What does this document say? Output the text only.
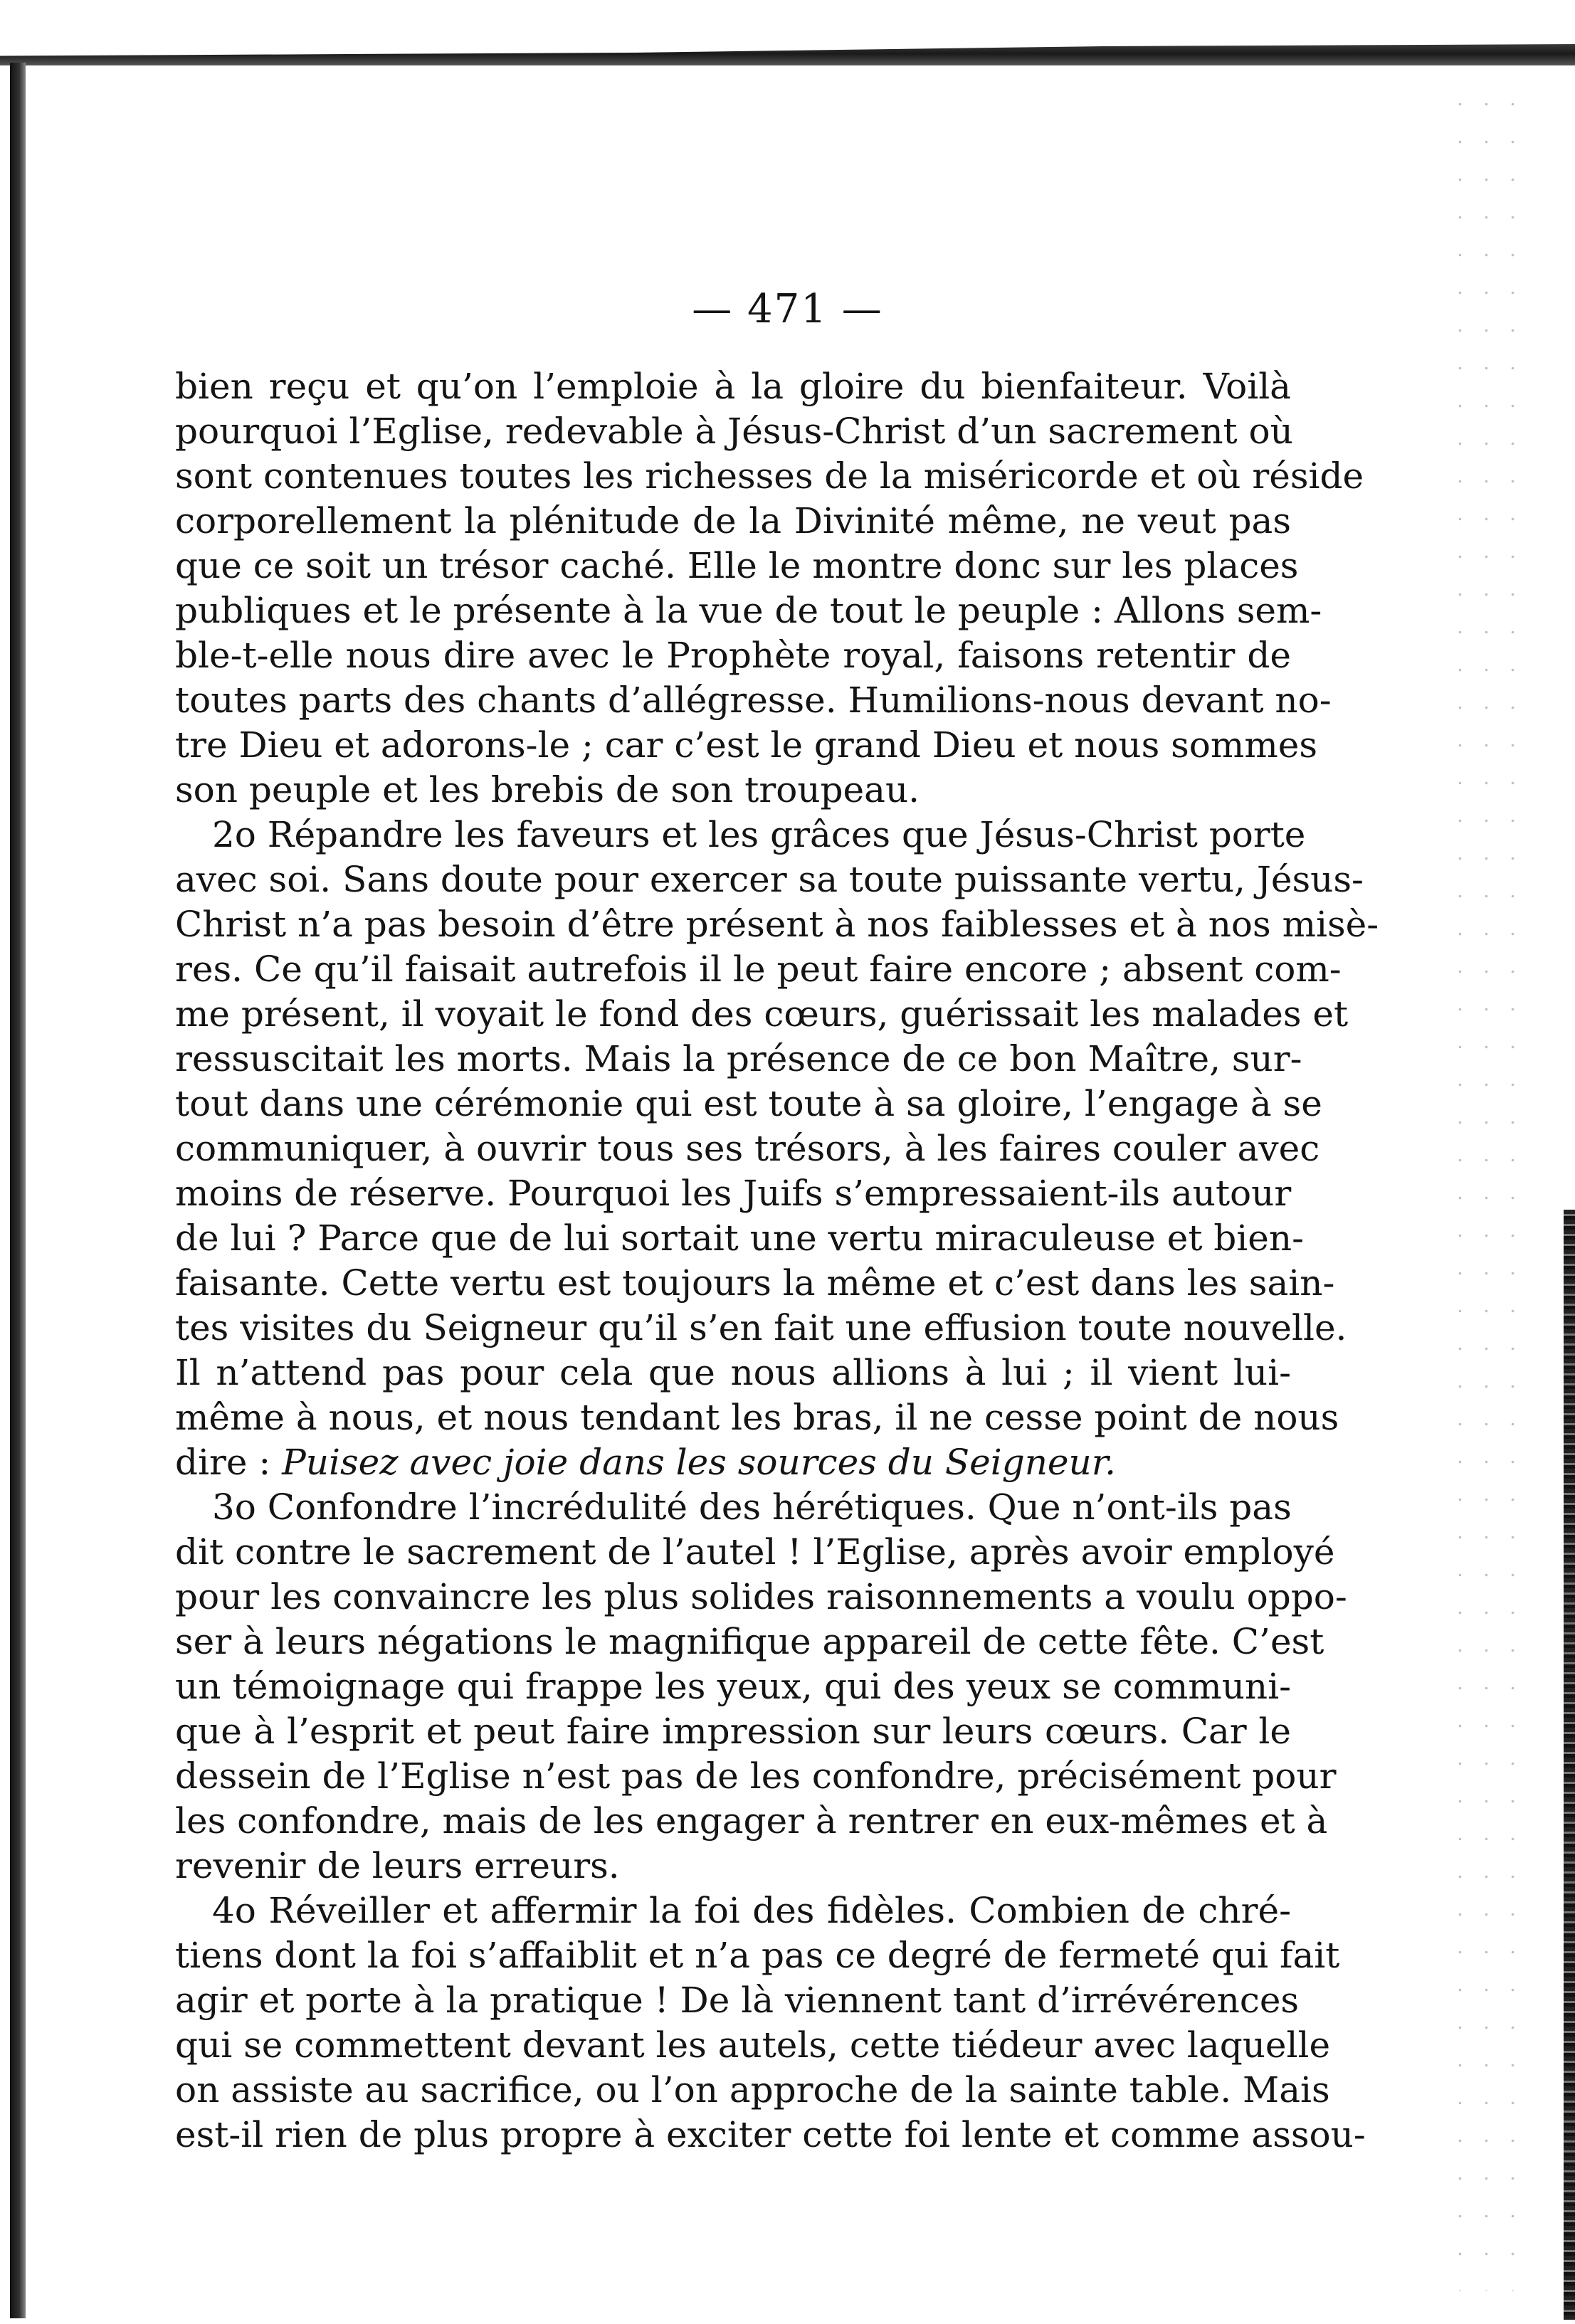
— 471 —
bien reçu et qu’on l’emploie à la gloire du bienfaiteur. Voilà
pourquoi l’Eglise, redevable à Jésus-Christ d’un sacrement où
sont contenues toutes les richesses de la miséricorde et où réside
corporellement la plénitude de la Divinité même, ne veut pas
que ce soit un trésor caché. Elle le montre donc sur les places
publiques et le présente à la vue de tout le peuple : Allons sem-
ble-t-elle nous dire avec le Prophète royal, faisons retentir de
toutes parts des chants d’allégresse. Humilions-nous devant no-
tre Dieu et adorons-le ; car c’est le grand Dieu et nous sommes
son peuple et les brebis de son troupeau.
2o Répandre les faveurs et les grâces que Jésus-Christ porte
avec soi. Sans doute pour exercer sa toute puissante vertu, Jésus-
Christ n’a pas besoin d’être présent à nos faiblesses et à nos misè-
res. Ce qu’il faisait autrefois il le peut faire encore ; absent com-
me présent, il voyait le fond des cœurs, guérissait les malades et
ressuscitait les morts. Mais la présence de ce bon Maître, sur-
tout dans une cérémonie qui est toute à sa gloire, l’engage à se
communiquer, à ouvrir tous ses trésors, à les faires couler avec
moins de réserve. Pourquoi les Juifs s’empressaient-ils autour
de lui ? Parce que de lui sortait une vertu miraculeuse et bien-
faisante. Cette vertu est toujours la même et c’est dans les sain-
tes visites du Seigneur qu’il s’en fait une effusion toute nouvelle.
Il n’attend pas pour cela que nous allions à lui ; il vient lui-
même à nous, et nous tendant les bras, il ne cesse point de nous
dire : Puisez avec joie dans les sources du Seigneur.
3o Confondre l’incrédulité des hérétiques. Que n’ont-ils pas
dit contre le sacrement de l’autel ! l’Eglise, après avoir employé
pour les convaincre les plus solides raisonnements a voulu oppo-
ser à leurs négations le magnifique appareil de cette fête. C’est
un témoignage qui frappe les yeux, qui des yeux se communi-
que à l’esprit et peut faire impression sur leurs cœurs. Car le
dessein de l’Eglise n’est pas de les confondre, précisément pour
les confondre, mais de les engager à rentrer en eux-mêmes et à
revenir de leurs erreurs.
4o Réveiller et affermir la foi des fidèles. Combien de chré-
tiens dont la foi s’affaiblit et n’a pas ce degré de fermeté qui fait
agir et porte à la pratique ! De là viennent tant d’irrévérences
qui se commettent devant les autels, cette tiédeur avec laquelle
on assiste au sacrifice, ou l’on approche de la sainte table. Mais
est-il rien de plus propre à exciter cette foi lente et comme assou-
